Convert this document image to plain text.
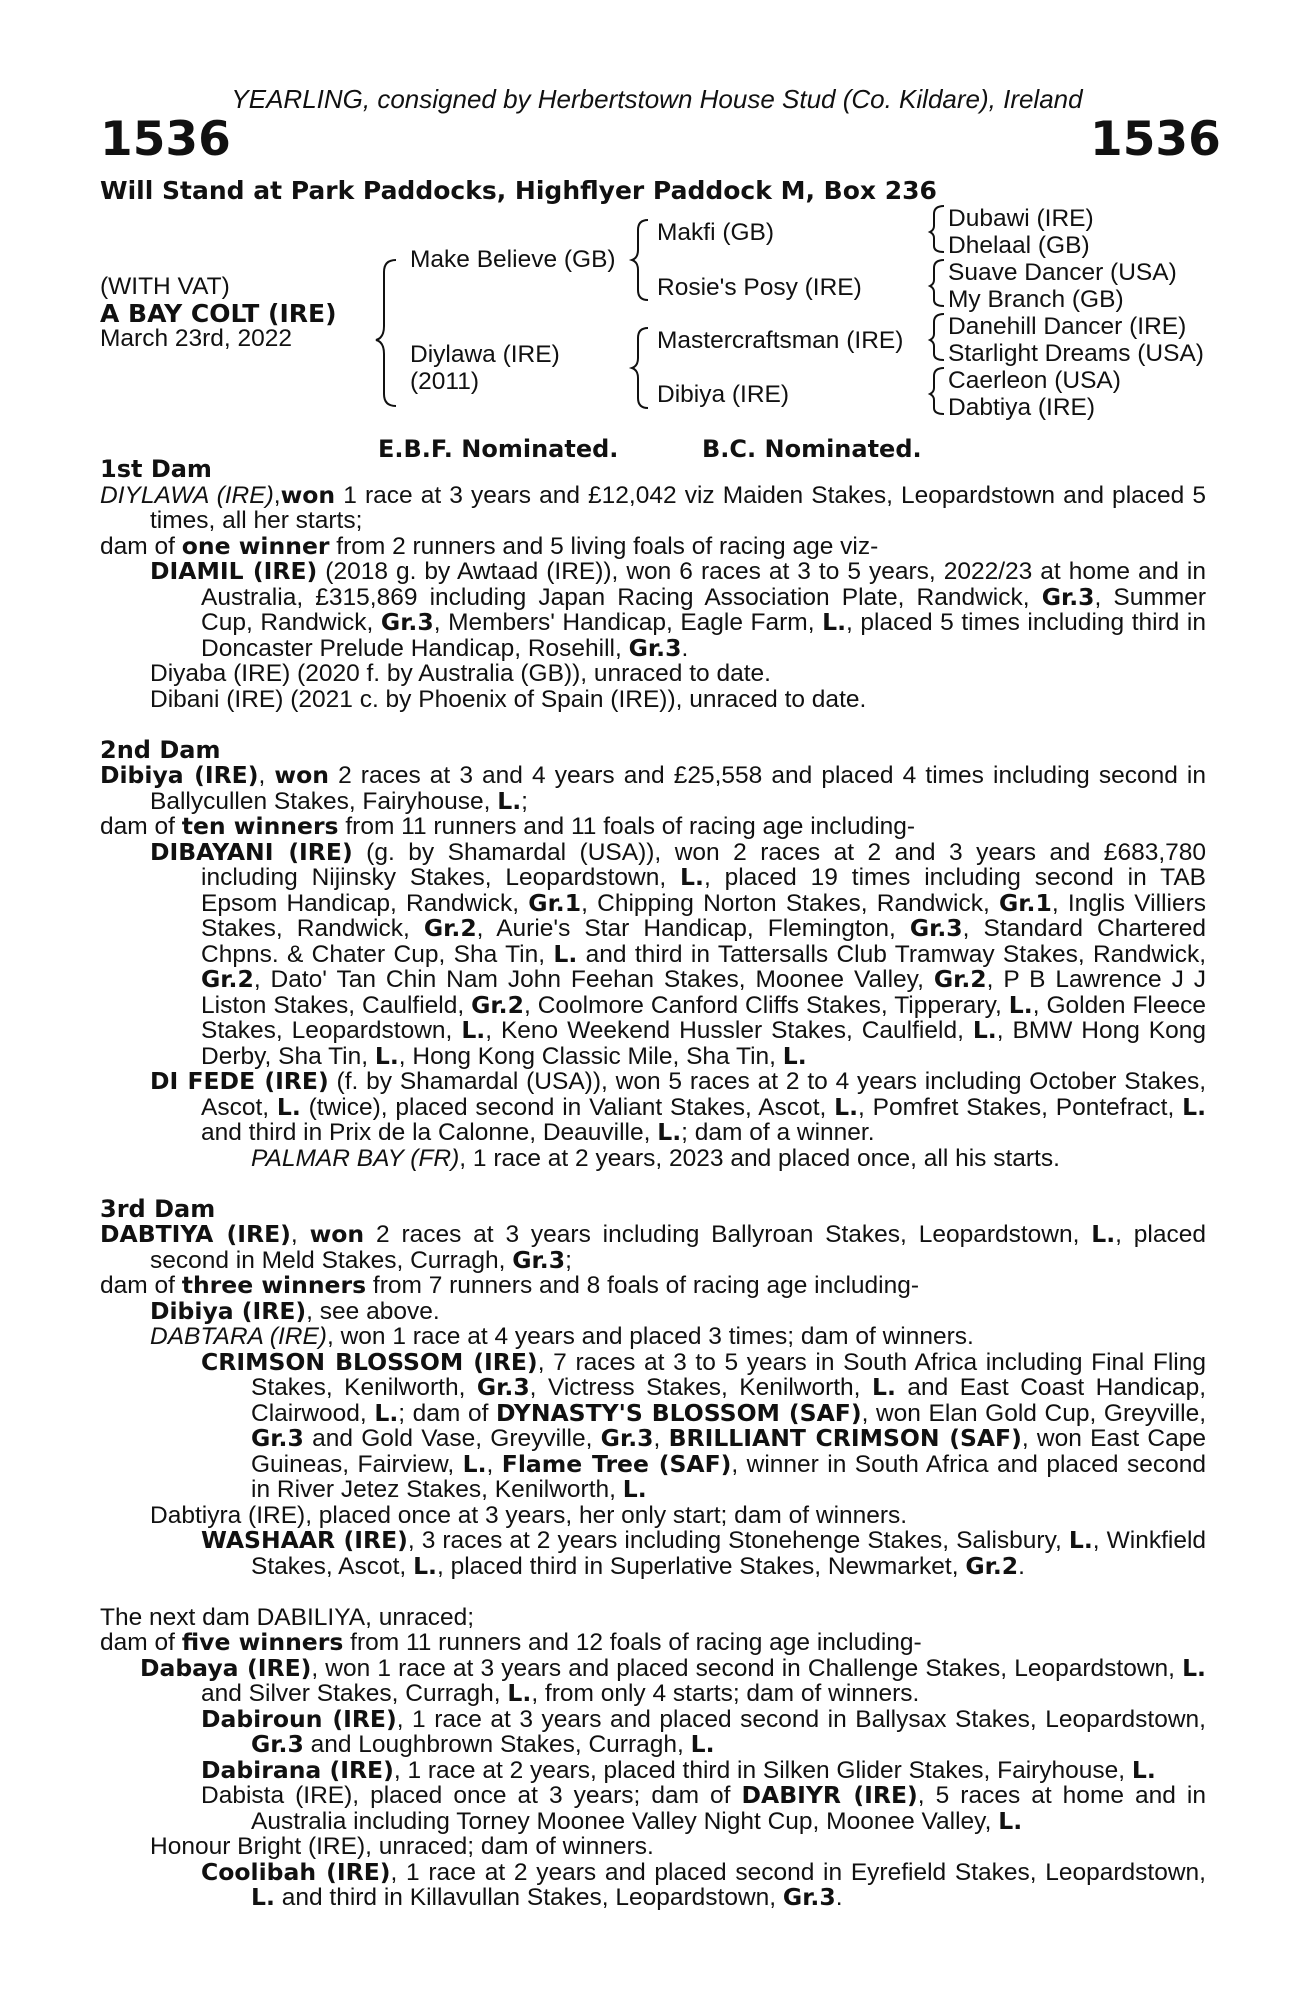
YEARLING, consigned by Herbertstown House Stud (Co. Kildare), Ireland
1536	1536
Will Stand at Park Paddocks, Highflyer Paddock M, Box 236
(WITH VAT)
A BAY COLT (IRE)
March 23rd, 2022
Make Believe (GB)
Diylawa (IRE)
(2011)
Makfi (GB)
Rosie's Posy (IRE)
Mastercraftsman (IRE)
Dibiya (IRE)
Dubawi (IRE)
Dhelaal (GB)
Suave Dancer (USA)
My Branch (GB)
Danehill Dancer (IRE)
Starlight Dreams (USA)
Caerleon (USA)
Dabtiya (IRE)
E.B.F. Nominated.	B.C. Nominated.
1st Dam
DIYLAWA (IRE),won 1 race at 3 years and £12,042 viz Maiden Stakes, Leopardstown and placed 5 times, all her starts;
dam of one winner from 2 runners and 5 living foals of racing age viz-
DIAMIL (IRE) (2018 g. by Awtaad (IRE)), won 6 races at 3 to 5 years, 2022/23 at home and in Australia, £315,869 including Japan Racing Association Plate, Randwick, Gr.3, Summer Cup, Randwick, Gr.3, Members' Handicap, Eagle Farm, L., placed 5 times including third in Doncaster Prelude Handicap, Rosehill, Gr.3.
Diyaba (IRE) (2020 f. by Australia (GB)), unraced to date.
Dibani (IRE) (2021 c. by Phoenix of Spain (IRE)), unraced to date.
2nd Dam
Dibiya (IRE), won 2 races at 3 and 4 years and £25,558 and placed 4 times including second in Ballycullen Stakes, Fairyhouse, L.;
dam of ten winners from 11 runners and 11 foals of racing age including-
DIBAYANI (IRE) (g. by Shamardal (USA)), won 2 races at 2 and 3 years and £683,780 including Nijinsky Stakes, Leopardstown, L., placed 19 times including second in TAB Epsom Handicap, Randwick, Gr.1, Chipping Norton Stakes, Randwick, Gr.1, Inglis Villiers Stakes, Randwick, Gr.2, Aurie's Star Handicap, Flemington, Gr.3, Standard Chartered Chpns. & Chater Cup, Sha Tin, L. and third in Tattersalls Club Tramway Stakes, Randwick, Gr.2, Dato' Tan Chin Nam John Feehan Stakes, Moonee Valley, Gr.2, P B Lawrence J J Liston Stakes, Caulfield, Gr.2, Coolmore Canford Cliffs Stakes, Tipperary, L., Golden Fleece Stakes, Leopardstown, L., Keno Weekend Hussler Stakes, Caulfield, L., BMW Hong Kong Derby, Sha Tin, L., Hong Kong Classic Mile, Sha Tin, L.
DI FEDE (IRE) (f. by Shamardal (USA)), won 5 races at 2 to 4 years including October Stakes, Ascot, L. (twice), placed second in Valiant Stakes, Ascot, L., Pomfret Stakes, Pontefract, L. and third in Prix de la Calonne, Deauville, L.; dam of a winner.
PALMAR BAY (FR), 1 race at 2 years, 2023 and placed once, all his starts.
3rd Dam
DABTIYA (IRE), won 2 races at 3 years including Ballyroan Stakes, Leopardstown, L., placed second in Meld Stakes, Curragh, Gr.3;
dam of three winners from 7 runners and 8 foals of racing age including-
Dibiya (IRE), see above.
DABTARA (IRE), won 1 race at 4 years and placed 3 times; dam of winners.
CRIMSON BLOSSOM (IRE), 7 races at 3 to 5 years in South Africa including Final Fling Stakes, Kenilworth, Gr.3, Victress Stakes, Kenilworth, L. and East Coast Handicap, Clairwood, L.; dam of DYNASTY'S BLOSSOM (SAF), won Elan Gold Cup, Greyville, Gr.3 and Gold Vase, Greyville, Gr.3, BRILLIANT CRIMSON (SAF), won East Cape Guineas, Fairview, L., Flame Tree (SAF), winner in South Africa and placed second in River Jetez Stakes, Kenilworth, L.
Dabtiyra (IRE), placed once at 3 years, her only start; dam of winners.
WASHAAR (IRE), 3 races at 2 years including Stonehenge Stakes, Salisbury, L., Winkfield Stakes, Ascot, L., placed third in Superlative Stakes, Newmarket, Gr.2.
The next dam DABILIYA, unraced;
dam of five winners from 11 runners and 12 foals of racing age including-
Dabaya (IRE), won 1 race at 3 years and placed second in Challenge Stakes, Leopardstown, L. and Silver Stakes, Curragh, L., from only 4 starts; dam of winners.
Dabiroun (IRE), 1 race at 3 years and placed second in Ballysax Stakes, Leopardstown, Gr.3 and Loughbrown Stakes, Curragh, L.
Dabirana (IRE), 1 race at 2 years, placed third in Silken Glider Stakes, Fairyhouse, L.
Dabista (IRE), placed once at 3 years; dam of DABIYR (IRE), 5 races at home and in Australia including Torney Moonee Valley Night Cup, Moonee Valley, L.
Honour Bright (IRE), unraced; dam of winners.
Coolibah (IRE), 1 race at 2 years and placed second in Eyrefield Stakes, Leopardstown, L. and third in Killavullan Stakes, Leopardstown, Gr.3.
